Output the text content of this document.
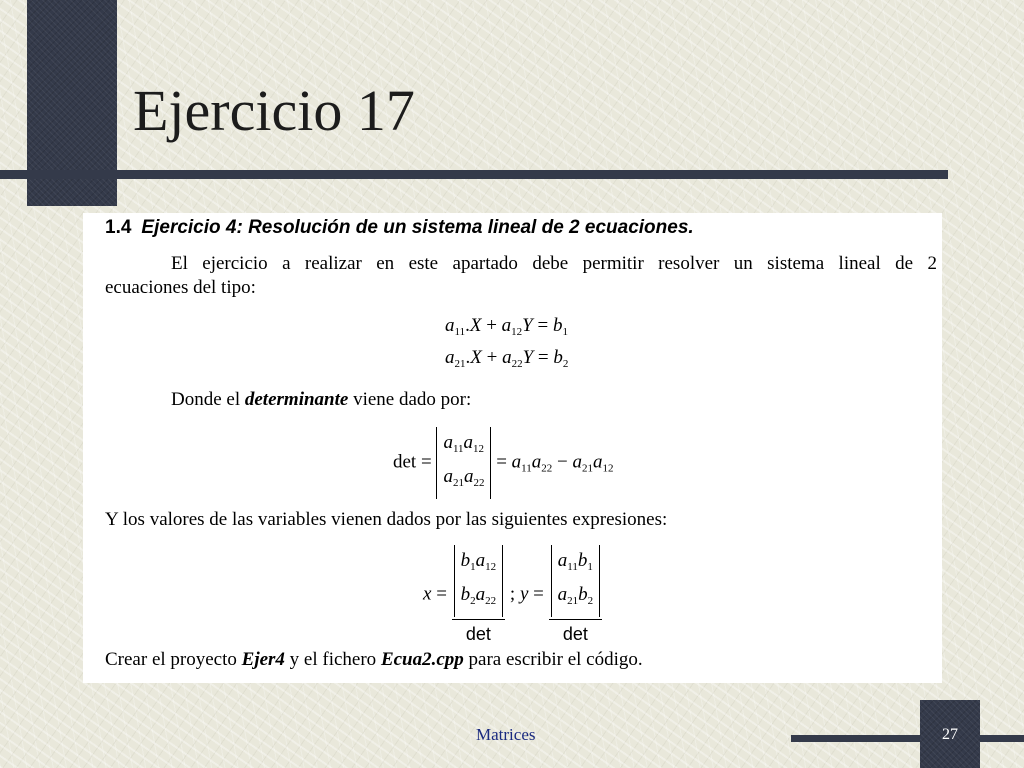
Ejercicio 17
1.4 Ejercicio 4: Resolución de un sistema lineal de 2 ecuaciones.
El ejercicio a realizar en este apartado debe permitir resolver un sistema lineal de 2
ecuaciones del tipo:
$a_{11}.X + a_{12}Y = b_1$
$a_{21}.X + a_{22}Y = b_2$
Donde el determinante viene dado por:
$\det = a_{11}a_{12}$
$a_{21}a_{22} = a_{11}a_{22} - a_{21}a_{12}$
Y los valores de las variables vienen dados por las siguientes expresiones:
x =
$b_1a_{12}$
$b_2a_{22}$
det
; y =
$a_{11}b_1$
$a_{21}b_2$
det
Crear el proyecto Ejer4 y el fichero Ecua2.cpp para escribir el código.
27
Matrices
